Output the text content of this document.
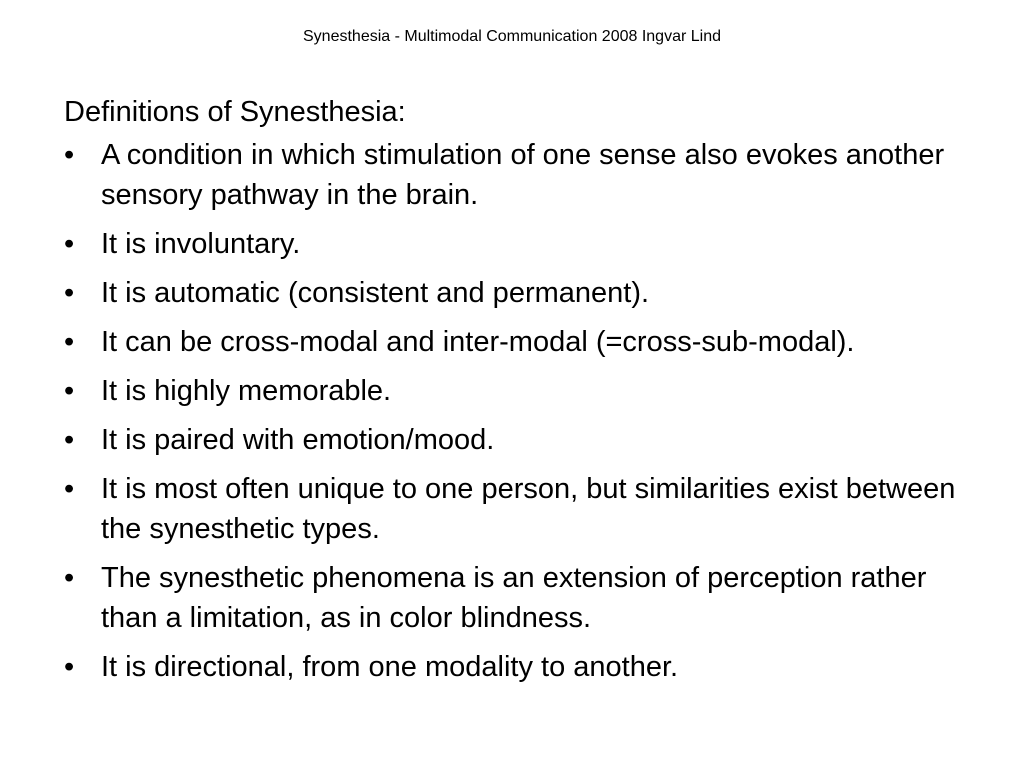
Synesthesia - Multimodal Communication 2008 Ingvar Lind
Definitions of Synesthesia:
• A condition in which stimulation of one sense also evokes another sensory pathway in the brain.
• It is involuntary.
• It is automatic (consistent and permanent).
• It can be cross-modal and inter-modal (=cross-sub-modal).
• It is highly memorable.
• It is paired with emotion/mood.
• It is most often unique to one person, but similarities exist between the synesthetic types.
• The synesthetic phenomena is an extension of perception rather than a limitation, as in color blindness.
• It is directional, from one modality to another.
